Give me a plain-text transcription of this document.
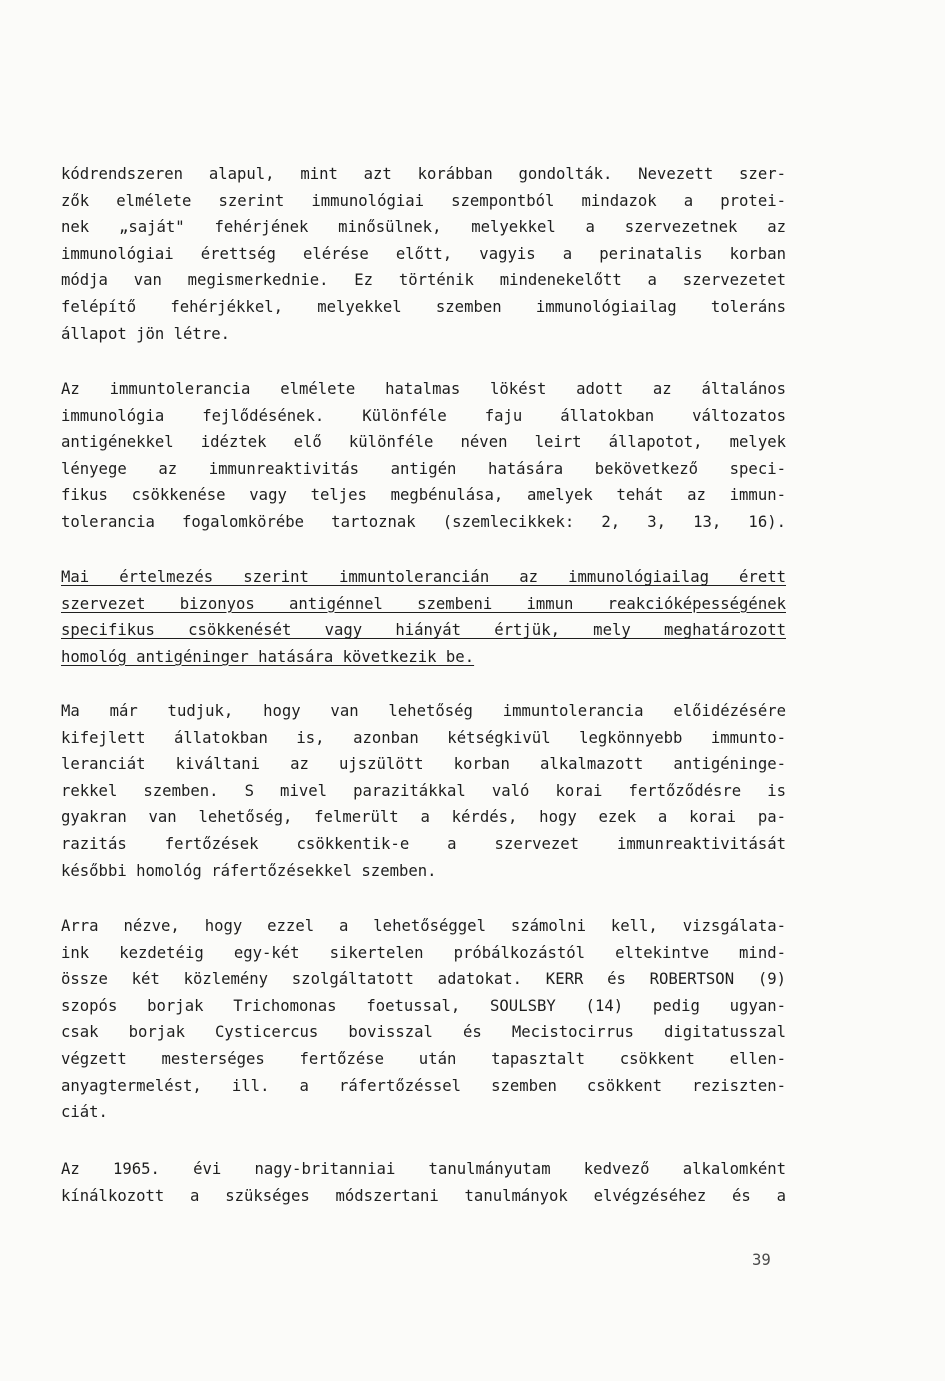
kódrendszeren alapul, mint azt korábban gondolták. Nevezett szer-
zők elmélete szerint immunológiai szempontból mindazok a protei-
nek „saját" fehérjének minősülnek, melyekkel a szervezetnek az
immunológiai érettség elérése előtt, vagyis a perinatalis korban
módja van megismerkednie. Ez történik mindenekelőtt a szervezetet
felépítő fehérjékkel, melyekkel szemben immunológiailag toleráns
állapot jön létre.
Az immuntolerancia elmélete hatalmas lökést adott az általános
immunológia fejlődésének. Különféle faju állatokban változatos
antigénekkel idéztek elő különféle néven leirt állapotot, melyek
lényege az immunreaktivitás antigén hatására bekövetkező speci-
fikus csökkenése vagy teljes megbénulása, amelyek tehát az immun-
tolerancia fogalomkörébe tartoznak (szemlecikkek: 2, 3, 13, 16).
Mai értelmezés szerint immuntolerancián az immunológiailag érett
szervezet bizonyos antigénnel szembeni immun reakcióképességének
specifikus csökkenését vagy hiányát értjük, mely meghatározott
homológ antigéninger hatására következik be.
Ma már tudjuk, hogy van lehetőség immuntolerancia előidézésére
kifejlett állatokban is, azonban kétségkivül legkönnyebb immunto-
leranciát kiváltani az ujszülött korban alkalmazott antigéninge-
rekkel szemben. S mivel parazitákkal való korai fertőződésre is
gyakran van lehetőség, felmerült a kérdés, hogy ezek a korai pa-
razitás fertőzések csökkentik-e a szervezet immunreaktivitását
későbbi homológ ráfertőzésekkel szemben.
Arra nézve, hogy ezzel a lehetőséggel számolni kell, vizsgálata-
ink kezdetéig egy-két sikertelen próbálkozástól eltekintve mind-
össze két közlemény szolgáltatott adatokat. KERR és ROBERTSON (9)
szopós borjak Trichomonas foetussal, SOULSBY (14) pedig ugyan-
csak borjak Cysticercus bovisszal és Mecistocirrus digitatusszal
végzett mesterséges fertőzése után tapasztalt csökkent ellen-
anyagtermelést, ill. a ráfertőzéssel szemben csökkent reziszten-
ciát.
Az 1965. évi nagy-britanniai tanulmányutam kedvező alkalomként
kínálkozott a szükséges módszertani tanulmányok elvégzéséhez és a
39
